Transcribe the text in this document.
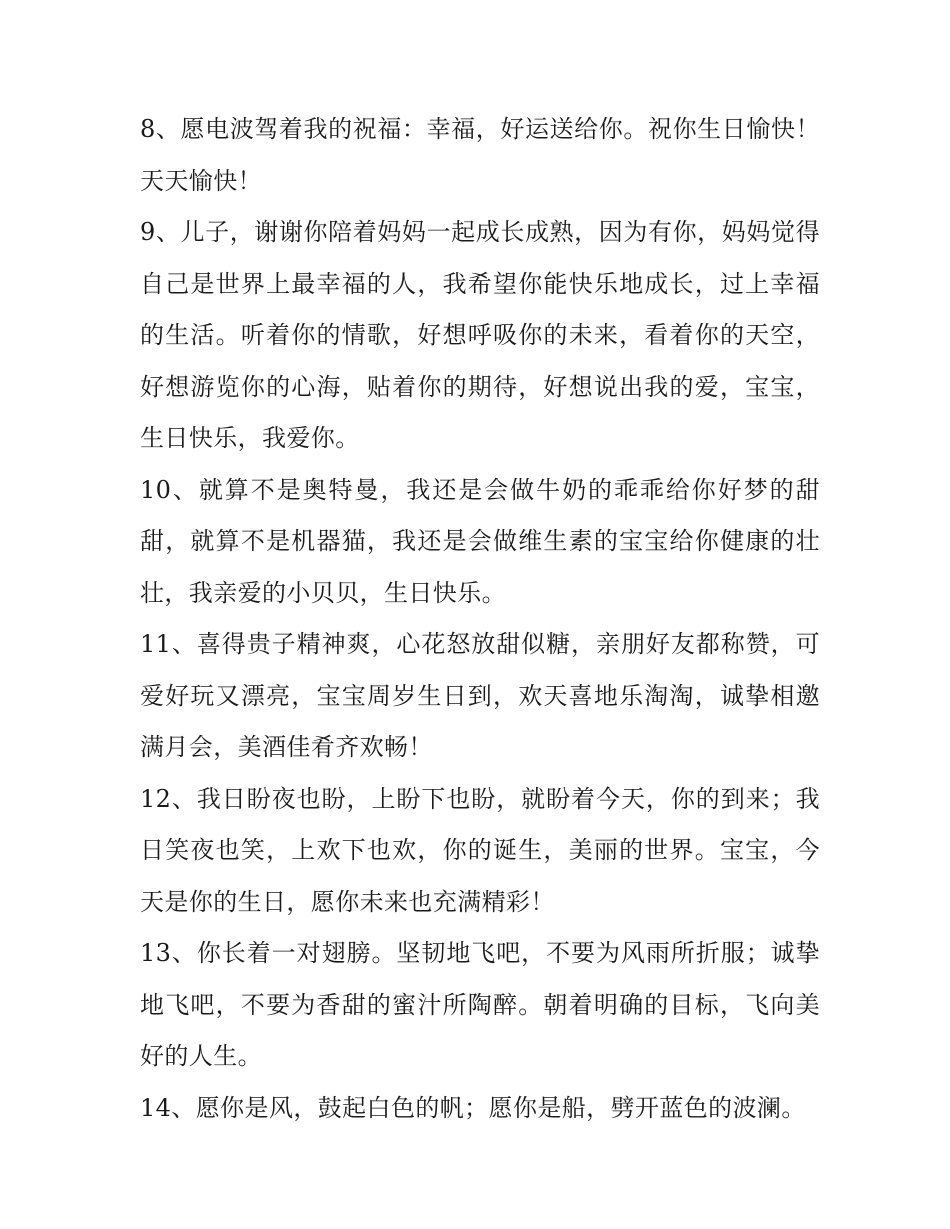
8、愿电波驾着我的祝福：幸福，好运送给你。祝你生日愉快！天天愉快！

9、儿子，谢谢你陪着妈妈一起成长成熟，因为有你，妈妈觉得自己是世界上最幸福的人，我希望你能快乐地成长，过上幸福的生活。听着你的情歌，好想呼吸你的未来，看着你的天空，好想游览你的心海，贴着你的期待，好想说出我的爱，宝宝，生日快乐，我爱你。

10、就算不是奥特曼，我还是会做牛奶的乖乖给你好梦的甜甜，就算不是机器猫，我还是会做维生素的宝宝给你健康的壮壮，我亲爱的小贝贝，生日快乐。

11、喜得贵子精神爽，心花怒放甜似糖，亲朋好友都称赞，可爱好玩又漂亮，宝宝周岁生日到，欢天喜地乐淘淘，诚挚相邀满月会，美酒佳肴齐欢畅！

12、我日盼夜也盼，上盼下也盼，就盼着今天，你的到来；我日笑夜也笑，上欢下也欢，你的诞生，美丽的世界。宝宝，今天是你的生日，愿你未来也充满精彩！

13、你长着一对翅膀。坚韧地飞吧，不要为风雨所折服；诚挚地飞吧，不要为香甜的蜜汁所陶醉。朝着明确的目标，飞向美好的人生。

14、愿你是风，鼓起白色的帆；愿你是船，劈开蓝色的波澜。
